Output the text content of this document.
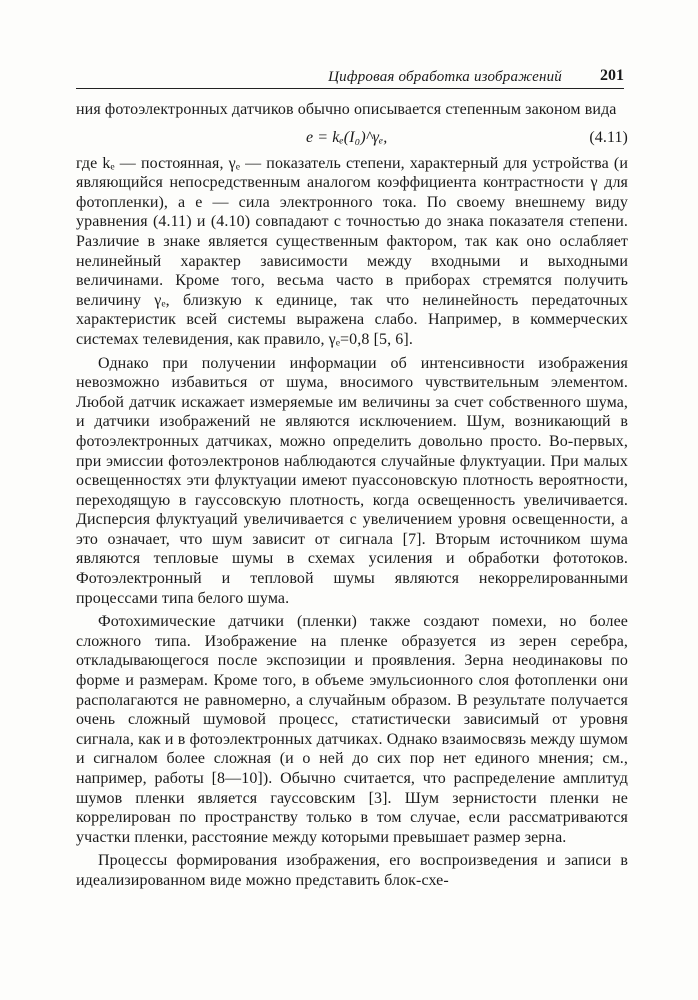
Цифровая обработка изображений 201

ния фотоэлектронных датчиков обычно описывается степенным законом вида

e = kₑ(I₀)^γₑ,	(4.11)

где kₑ — постоянная, γₑ — показатель степени, характерный для устройства (и являющийся непосредственным аналогом коэффициента контрастности γ для фотопленки), а e — сила электронного тока. По своему внешнему виду уравнения (4.11) и (4.10) совпадают с точностью до знака показателя степени. Различие в знаке является существенным фактором, так как оно ослабляет нелинейный характер зависимости между входными и выходными величинами. Кроме того, весьма часто в приборах стремятся получить величину γₑ, близкую к единице, так что нелинейность передаточных характеристик всей системы выражена слабо. Например, в коммерческих системах телевидения, как правило, γₑ=0,8 [5, 6].

Однако при получении информации об интенсивности изображения невозможно избавиться от шума, вносимого чувствительным элементом. Любой датчик искажает измеряемые им величины за счет собственного шума, и датчики изображений не являются исключением. Шум, возникающий в фотоэлектронных датчиках, можно определить довольно просто. Во-первых, при эмиссии фотоэлектронов наблюдаются случайные флуктуации. При малых освещенностях эти флуктуации имеют пуассоновскую плотность вероятности, переходящую в гауссовскую плотность, когда освещенность увеличивается. Дисперсия флуктуаций увеличивается с увеличением уровня освещенности, а это означает, что шум зависит от сигнала [7]. Вторым источником шума являются тепловые шумы в схемах усиления и обработки фототоков. Фотоэлектронный и тепловой шумы являются некоррелированными процессами типа белого шума.

Фотохимические датчики (пленки) также создают помехи, но более сложного типа. Изображение на пленке образуется из зерен серебра, откладывающегося после экспозиции и проявления. Зерна неодинаковы по форме и размерам. Кроме того, в объеме эмульсионного слоя фотопленки они располагаются не равномерно, а случайным образом. В результате получается очень сложный шумовой процесс, статистически зависимый от уровня сигнала, как и в фотоэлектронных датчиках. Однако взаимосвязь между шумом и сигналом более сложная (и о ней до сих пор нет единого мнения; см., например, работы [8—10]). Обычно считается, что распределение амплитуд шумов пленки является гауссовским [3]. Шум зернистости пленки не коррелирован по пространству только в том случае, если рассматриваются участки пленки, расстояние между которыми превышает размер зерна.

Процессы формирования изображения, его воспроизведения и записи в идеализированном виде можно представить блок-схе-
